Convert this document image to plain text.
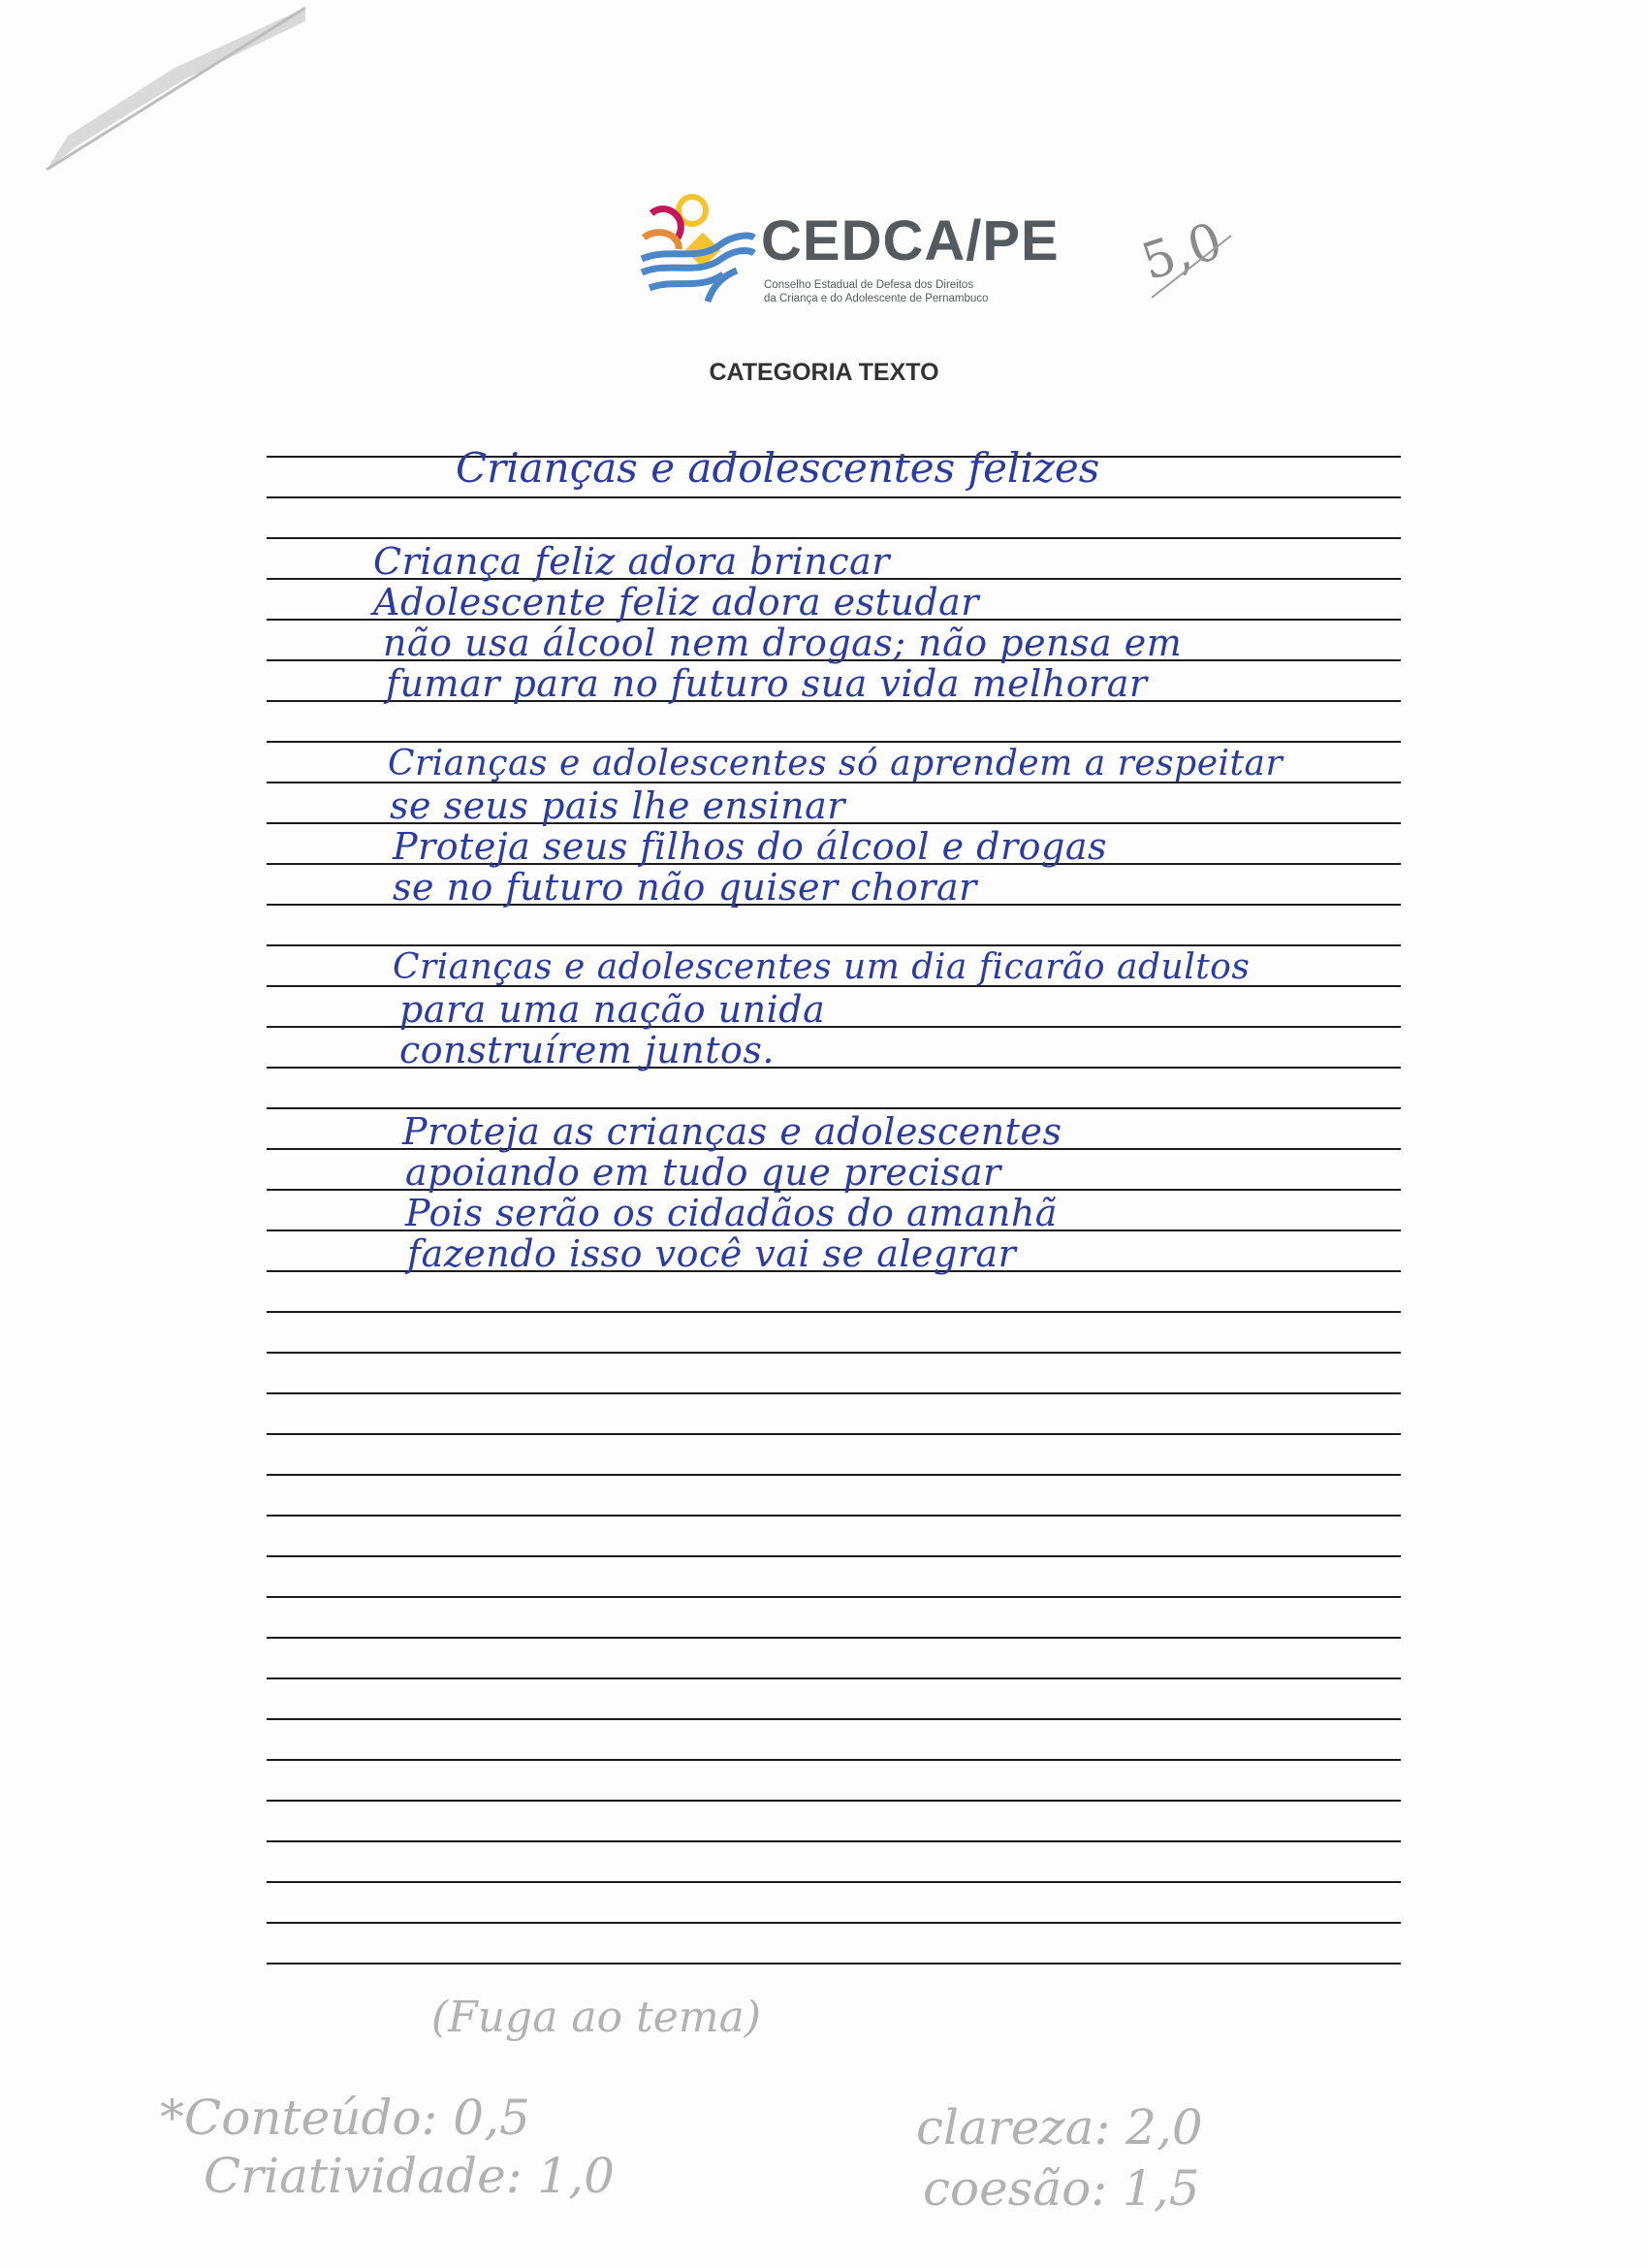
CEDCA/PE
Conselho Estadual de Defesa dos Direitos
da Criança e do Adolescente de Pernambuco
CATEGORIA TEXTO
5,0
Crianças e adolescentes felizes
Criança feliz adora brincar
Adolescente feliz adora estudar
não usa álcool nem drogas; não pensa em
fumar para no futuro sua vida melhorar
Crianças e adolescentes só aprendem a respeitar
se seus pais lhe ensinar
Proteja seus filhos do álcool e drogas
se no futuro não quiser chorar
Crianças e adolescentes um dia ficarão adultos
para uma nação unida
construírem juntos.
Proteja as crianças e adolescentes
apoiando em tudo que precisar
Pois serão os cidadãos do amanhã
fazendo isso você vai se alegrar
(Fuga ao tema)
*Conteúdo: 0,5
Criatividade: 1,0
clareza: 2,0
coesão: 1,5
